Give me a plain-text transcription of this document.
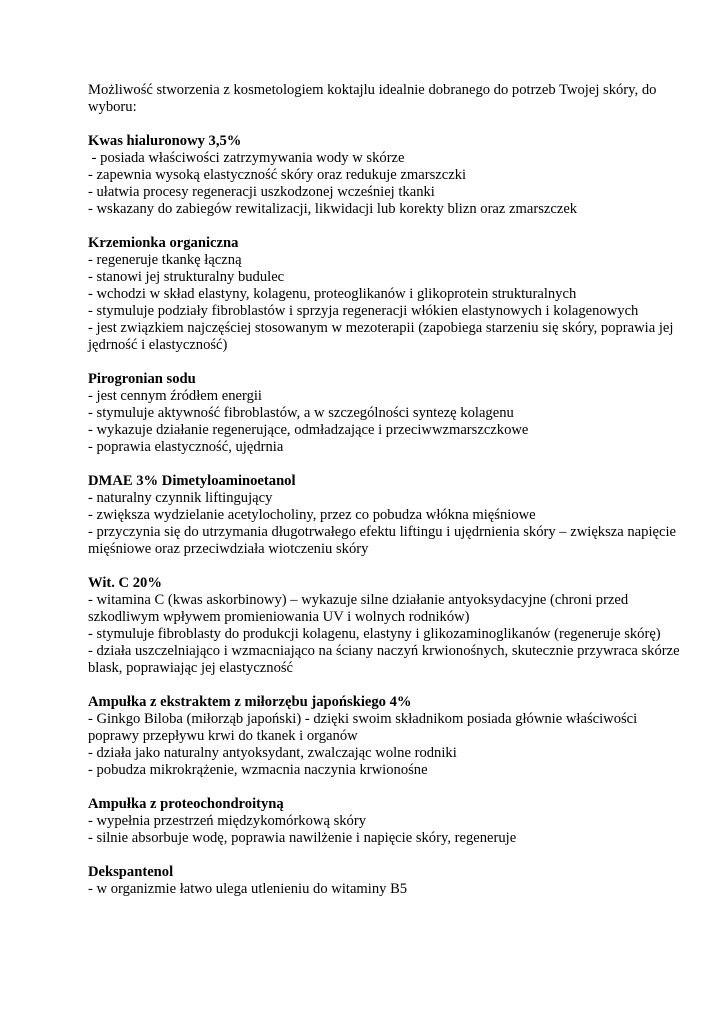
Możliwość stworzenia z kosmetologiem koktajlu idealnie dobranego do potrzeb Twojej skóry, do wyboru:

Kwas hialuronowy 3,5%

- posiada właściwości zatrzymywania wody w skórze

- zapewnia wysoką elastyczność skóry oraz redukuje zmarszczki

- ułatwia procesy regeneracji uszkodzonej wcześniej tkanki

- wskazany do zabiegów rewitalizacji, likwidacji lub korekty blizn oraz zmarszczek

Krzemionka organiczna

- regeneruje tkankę łączną

- stanowi jej strukturalny budulec

- wchodzi w skład elastyny, kolagenu, proteoglikanów i glikoprotein strukturalnych

- stymuluje podziały fibroblastów i sprzyja regeneracji włókien elastynowych i kolagenowych

- jest związkiem najczęściej stosowanym w mezoterapii (zapobiega starzeniu się skóry, poprawia jej jędrność i elastyczność)

Pirogronian sodu

- jest cennym źródłem energii

- stymuluje aktywność fibroblastów, a w szczególności syntezę kolagenu

- wykazuje działanie regenerujące, odmładzające i przeciwwzmarszczkowe

- poprawia elastyczność, ujędrnia

DMAE 3% Dimetyloaminoetanol

- naturalny czynnik liftingujący

- zwiększa wydzielanie acetylocholiny, przez co pobudza włókna mięśniowe

- przyczynia się do utrzymania długotrwałego efektu liftingu i ujędrnienia skóry – zwiększa napięcie mięśniowe oraz przeciwdziała wiotczeniu skóry

Wit. C 20%

- witamina C (kwas askorbinowy) – wykazuje silne działanie antyoksydacyjne (chroni przed szkodliwym wpływem promieniowania UV i wolnych rodników)

- stymuluje fibroblasty do produkcji kolagenu, elastyny i glikozaminoglikanów (regeneruje skórę)

- działa uszczelniająco i wzmacniająco na ściany naczyń krwionośnych, skutecznie przywraca skórze blask, poprawiając jej elastyczność

Ampułka z ekstraktem z miłorzębu japońskiego 4%

- Ginkgo Biloba (miłorząb japoński) - dzięki swoim składnikom posiada głównie właściwości poprawy przepływu krwi do tkanek i organów

- działa jako naturalny antyoksydant, zwalczając wolne rodniki

- pobudza mikrokrążenie, wzmacnia naczynia krwionośne

Ampułka z proteochondroityną

- wypełnia przestrzeń międzykomórkową skóry

- silnie absorbuje wodę, poprawia nawilżenie i napięcie skóry, regeneruje

Dekspantenol

- w organizmie łatwo ulega utlenieniu do witaminy B5
